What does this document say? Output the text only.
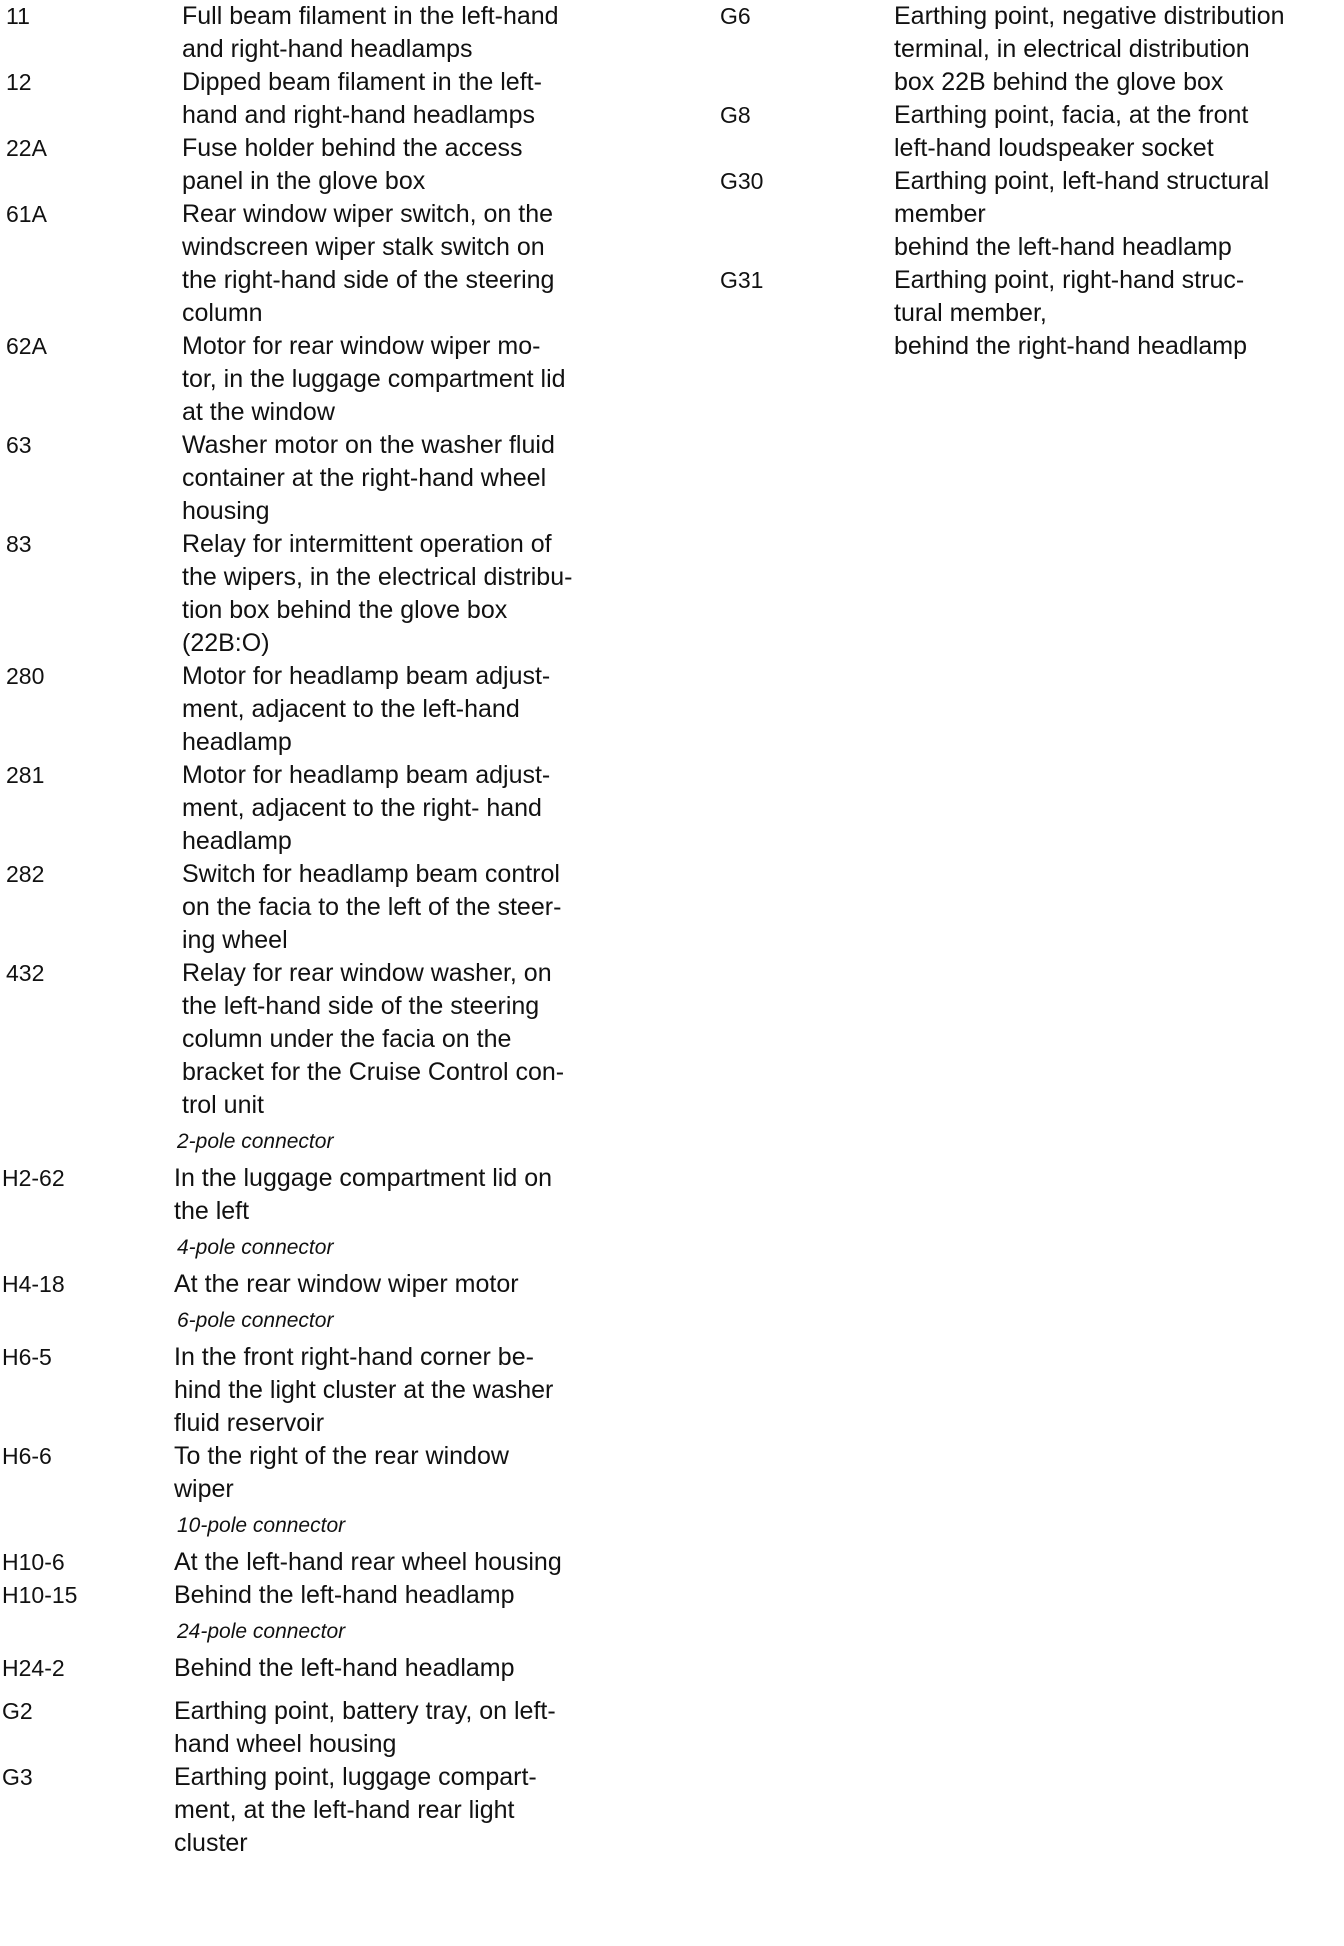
11	Full beam filament in the left-hand
and right-hand headlamps
12	Dipped beam filament in the left-
hand and right-hand headlamps
22A	Fuse holder behind the access
panel in the glove box
61A	Rear window wiper switch, on the
windscreen wiper stalk switch on
the right-hand side of the steering
column
62A	Motor for rear window wiper mo-
tor, in the luggage compartment lid
at the window
63	Washer motor on the washer fluid
container at the right-hand wheel
housing
83	Relay for intermittent operation of
the wipers, in the electrical distribu-
tion box behind the glove box
(22B:O)
280	Motor for headlamp beam adjust-
ment, adjacent to the left-hand
headlamp
281	Motor for headlamp beam adjust-
ment, adjacent to the right- hand
headlamp
282	Switch for headlamp beam control
on the facia to the left of the steer-
ing wheel
432	Relay for rear window washer, on
the left-hand side of the steering
column under the facia on the
bracket for the Cruise Control con-
trol unit
2-pole connector
H2-62	In the luggage compartment lid on
the left
4-pole connector
H4-18	At the rear window wiper motor
6-pole connector
H6-5	In the front right-hand corner be-
hind the light cluster at the washer
fluid reservoir
H6-6	To the right of the rear window
wiper
10-pole connector
H10-6	At the left-hand rear wheel housing
H10-15	Behind the left-hand headlamp
24-pole connector
H24-2	Behind the left-hand headlamp
G2	Earthing point, battery tray, on left-
hand wheel housing
G3	Earthing point, luggage compart-
ment, at the left-hand rear light
cluster
G6	Earthing point, negative distribution
terminal, in electrical distribution
box 22B behind the glove box
G8	Earthing point, facia, at the front
left-hand loudspeaker socket
G30	Earthing point, left-hand structural
member
behind the left-hand headlamp
G31	Earthing point, right-hand struc-
tural member,
behind the right-hand headlamp
